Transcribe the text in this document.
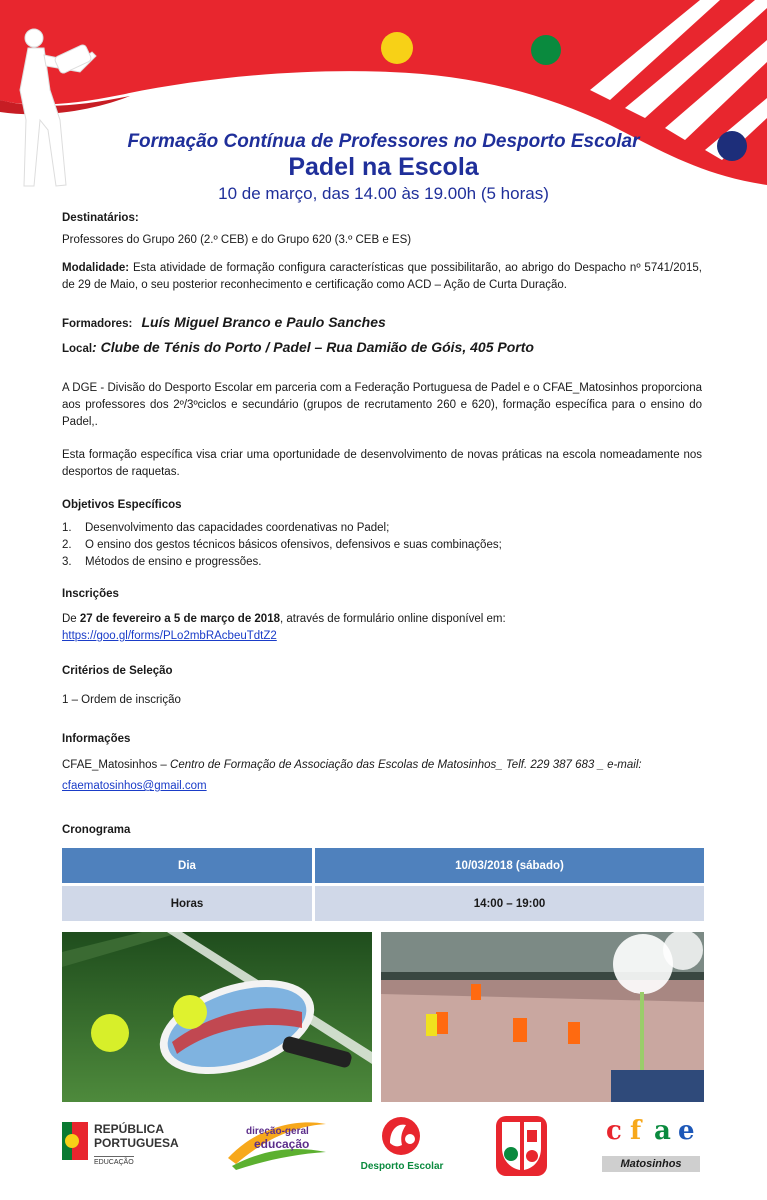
Formação Contínua de Professores no Desporto Escolar
Padel na Escola
10 de março, das 14.00 às 19.00h (5 horas)
Destinatários:
Professores do Grupo 260 (2.º CEB) e do Grupo 620 (3.º CEB e ES)
Modalidade: Esta atividade de formação configura características que possibilitarão, ao abrigo do Despacho nº 5741/2015, de 29 de Maio, o seu posterior reconhecimento e certificação como ACD – Ação de Curta Duração.
Formadores: Luís Miguel Branco e Paulo Sanches
Local: Clube de Ténis do Porto / Padel – Rua Damião de Góis, 405 Porto
A DGE - Divisão do Desporto Escolar em parceria com a Federação Portuguesa de Padel e o CFAE_Matosinhos proporciona aos professores dos 2º/3ºciclos e secundário (grupos de recrutamento 260 e 620), formação específica para o ensino do Padel,.
Esta formação específica visa criar uma oportunidade de desenvolvimento de novas práticas na escola nomeadamente nos desportos de raquetas.
Objetivos Específicos
1. Desenvolvimento das capacidades coordenativas no Padel;
2. O ensino dos gestos técnicos básicos ofensivos, defensivos e suas combinações;
3. Métodos de ensino e progressões.
Inscrições
De 27 de fevereiro a 5 de março de 2018, através de formulário online disponível em:
https://goo.gl/forms/PLo2mbRAcbeuTdtZ2
Critérios de Seleção
1 – Ordem de inscrição
Informações
CFAE_Matosinhos – Centro de Formação de Associação das Escolas de Matosinhos_ Telf. 229 387 683 _ e-mail:
cfaematosinhos@gmail.com
Cronograma
Dia	10/03/2018 (sábado)
Horas	14:00 – 19:00
REPÚBLICA
PORTUGUESA
EDUCAÇÃO
direção-geral
educação
Desporto Escolar
c f a e
Matosinhos
